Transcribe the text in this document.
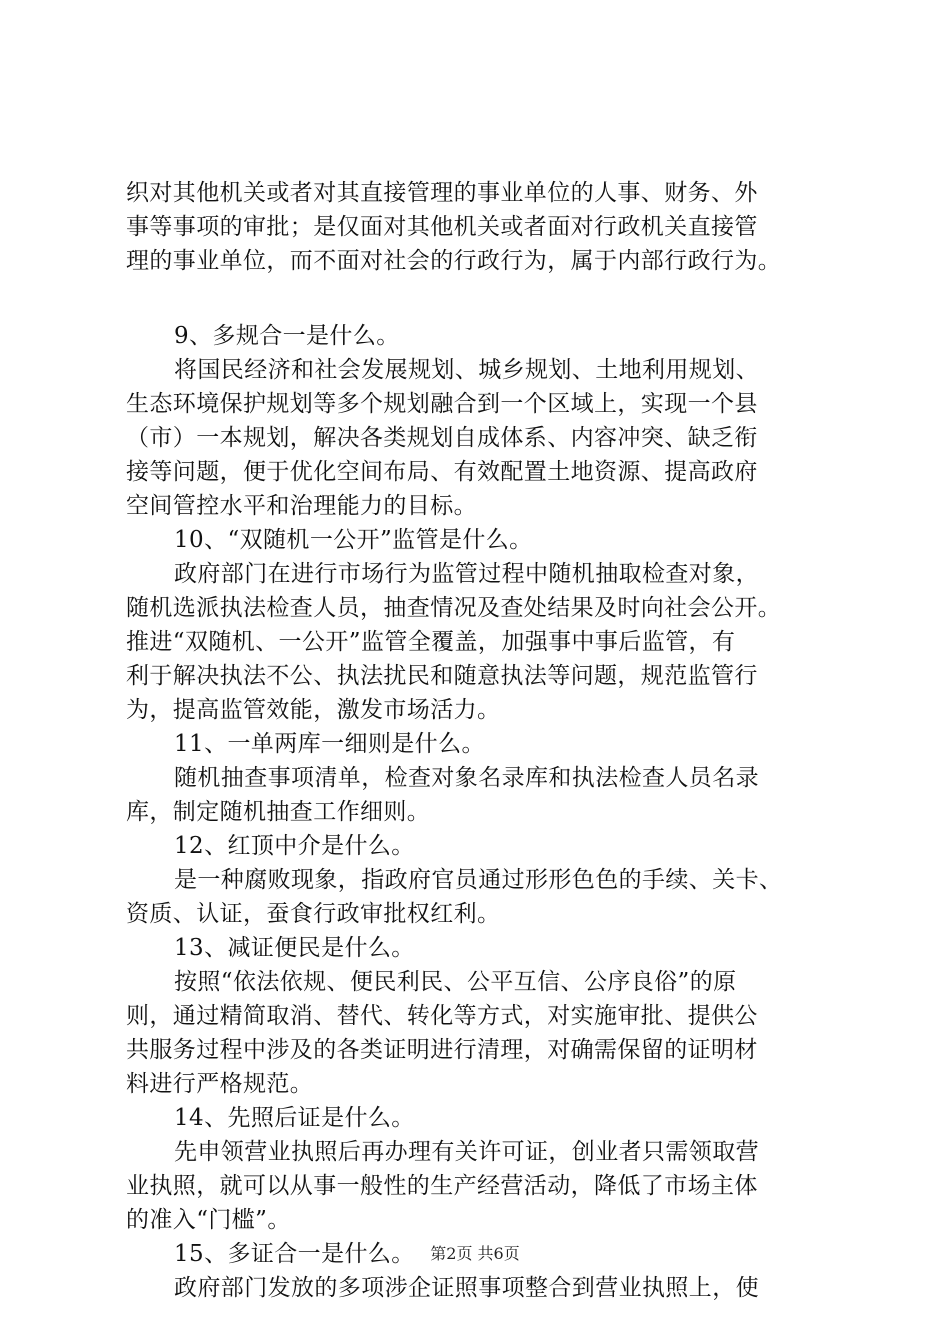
织对其他机关或者对其直接管理的事业单位的人事、财务、外
事等事项的审批；是仅面对其他机关或者面对行政机关直接管
理的事业单位，而不面对社会的行政行为，属于内部行政行为。
9、多规合一是什么。
将国民经济和社会发展规划、城乡规划、土地利用规划、
生态环境保护规划等多个规划融合到一个区域上，实现一个县
（市）一本规划，解决各类规划自成体系、内容冲突、缺乏衔
接等问题，便于优化空间布局、有效配置土地资源、提高政府
空间管控水平和治理能力的目标。
10、“双随机一公开”监管是什么。
政府部门在进行市场行为监管过程中随机抽取检查对象，
随机选派执法检查人员，抽查情况及查处结果及时向社会公开。
推进“双随机、一公开”监管全覆盖，加强事中事后监管，有
利于解决执法不公、执法扰民和随意执法等问题，规范监管行
为，提高监管效能，激发市场活力。
11、一单两库一细则是什么。
随机抽查事项清单，检查对象名录库和执法检查人员名录
库，制定随机抽查工作细则。
12、红顶中介是什么。
是一种腐败现象，指政府官员通过形形色色的手续、关卡、
资质、认证，蚕食行政审批权红利。
13、减证便民是什么。
按照“依法依规、便民利民、公平互信、公序良俗”的原
则，通过精简取消、替代、转化等方式，对实施审批、提供公
共服务过程中涉及的各类证明进行清理，对确需保留的证明材
料进行严格规范。
14、先照后证是什么。
先申领营业执照后再办理有关许可证，创业者只需领取营
业执照，就可以从事一般性的生产经营活动，降低了市场主体
的准入“门槛”。
15、多证合一是什么。
政府部门发放的多项涉企证照事项整合到营业执照上，使
第2页 共6页
